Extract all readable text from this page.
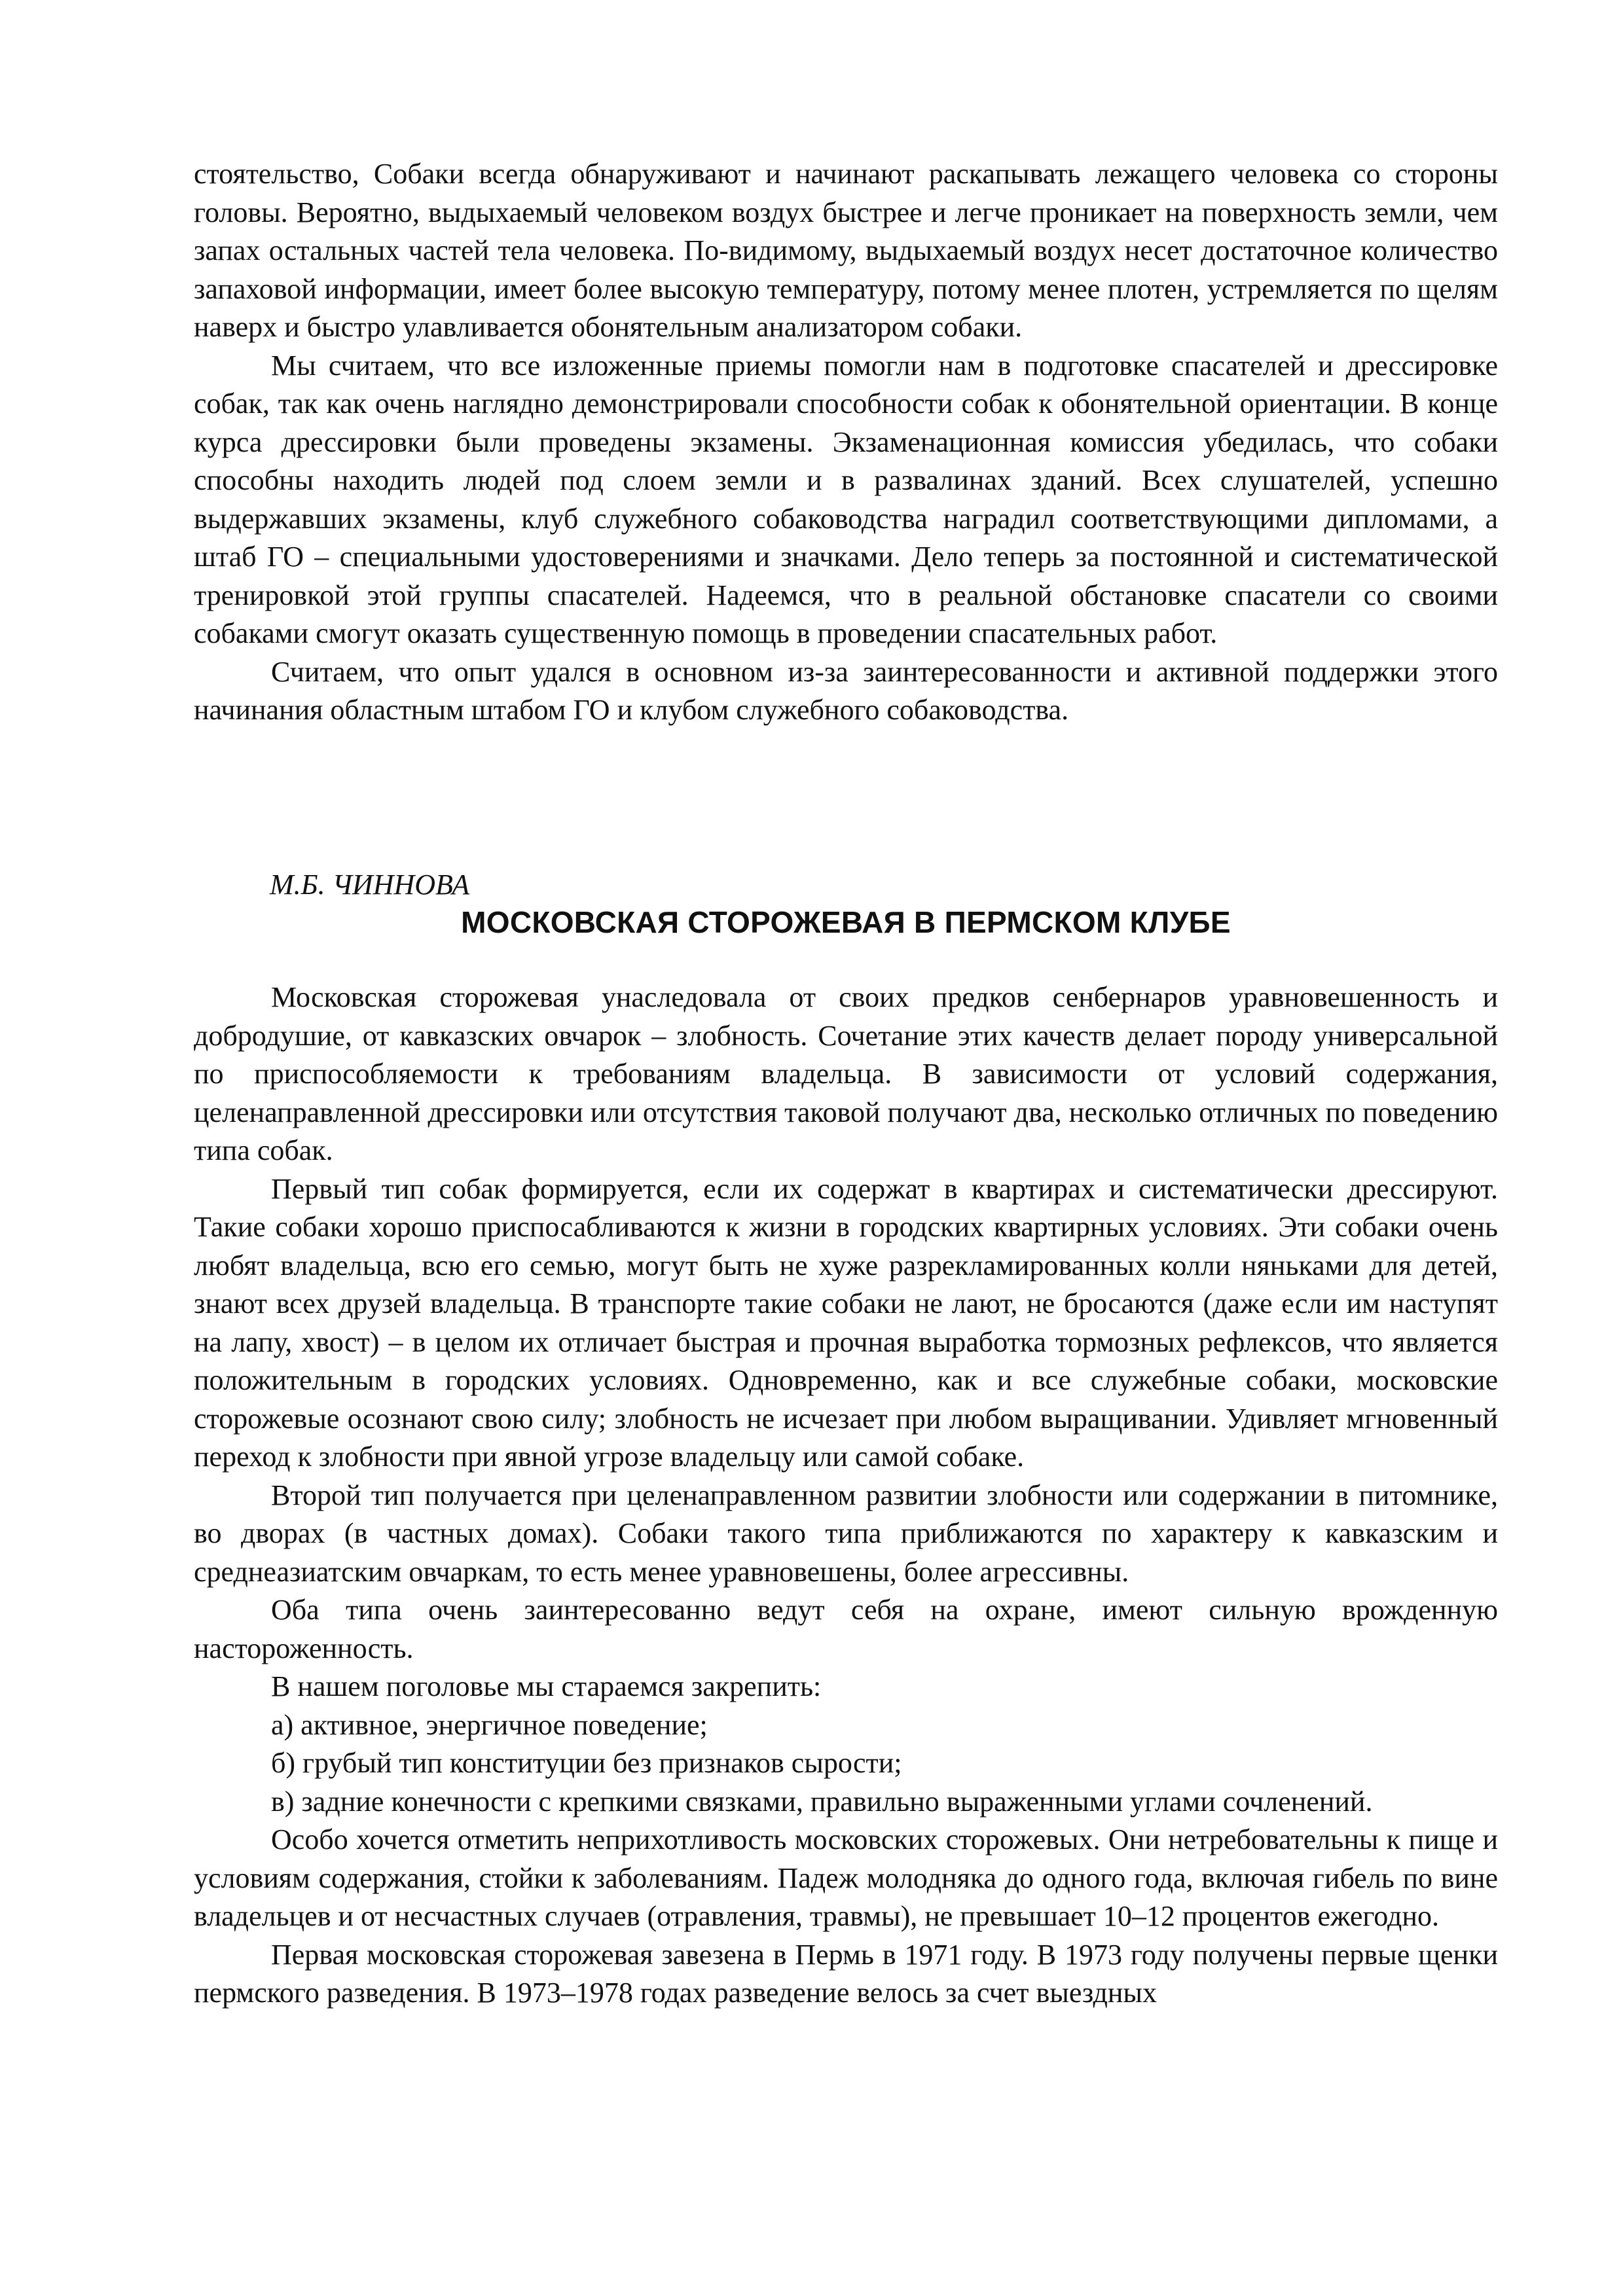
стоятельство, Собаки всегда обнаруживают и начинают раскапывать лежащего человека со стороны головы. Вероятно, выдыхаемый человеком воздух быстрее и легче проникает на поверхность земли, чем запах остальных частей тела человека. По-видимому, выдыхаемый воздух несет достаточное количество запаховой информации, имеет более высокую температуру, потому менее плотен, устремляется по щелям наверх и быстро улавливается обонятельным анализатором собаки.

Мы считаем, что все изложенные приемы помогли нам в подготовке спасателей и дрессировке собак, так как очень наглядно демонстрировали способности собак к обонятельной ориентации. В конце курса дрессировки были проведены экзамены. Экзаменационная комиссия убедилась, что собаки способны находить людей под слоем земли и в развалинах зданий. Всех слушателей, успешно выдержавших экзамены, клуб служебного собаководства наградил соответствующими дипломами, а штаб ГО – специальными удостоверениями и значками. Дело теперь за постоянной и систематической тренировкой этой группы спасателей. Надеемся, что в реальной обстановке спасатели со своими собаками смогут оказать существенную помощь в проведении спасательных работ.

Считаем, что опыт удался в основном из-за заинтересованности и активной поддержки этого начинания областным штабом ГО и клубом служебного собаководства.

М.Б. ЧИННОВА

МОСКОВСКАЯ СТОРОЖЕВАЯ В ПЕРМСКОМ КЛУБЕ

Московская сторожевая унаследовала от своих предков сенбернаров уравновешенность и добродушие, от кавказских овчарок – злобность. Сочетание этих качеств делает породу универсальной по приспособляемости к требованиям владельца. В зависимости от условий содержания, целенаправленной дрессировки или отсутствия таковой получают два, несколько отличных по поведению типа собак.

Первый тип собак формируется, если их содержат в квартирах и систематически дрессируют. Такие собаки хорошо приспосабливаются к жизни в городских квартирных условиях. Эти собаки очень любят владельца, всю его семью, могут быть не хуже разрекламированных колли няньками для детей, знают всех друзей владельца. В транспорте такие собаки не лают, не бросаются (даже если им наступят на лапу, хвост) – в целом их отличает быстрая и прочная выработка тормозных рефлексов, что является положительным в городских условиях. Одновременно, как и все служебные собаки, московские сторожевые осознают свою силу; злобность не исчезает при любом выращивании. Удивляет мгновенный переход к злобности при явной угрозе владельцу или самой собаке.

Второй тип получается при целенаправленном развитии злобности или содержании в питомнике, во дворах (в частных домах). Собаки такого типа приближаются по характеру к кавказским и среднеазиатским овчаркам, то есть менее уравновешены, более агрессивны.

Оба типа очень заинтересованно ведут себя на охране, имеют сильную врожденную настороженность.

В нашем поголовье мы стараемся закрепить:

а) активное, энергичное поведение;

б) грубый тип конституции без признаков сырости;

в) задние конечности с крепкими связками, правильно выраженными углами сочленений.

Особо хочется отметить неприхотливость московских сторожевых. Они нетребовательны к пище и условиям содержания, стойки к заболеваниям. Падеж молодняка до одного года, включая гибель по вине владельцев и от несчастных случаев (отравления, травмы), не превышает 10–12 процентов ежегодно.

Первая московская сторожевая завезена в Пермь в 1971 году. В 1973 году получены первые щенки пермского разведения. В 1973–1978 годах разведение велось за счет выездных
